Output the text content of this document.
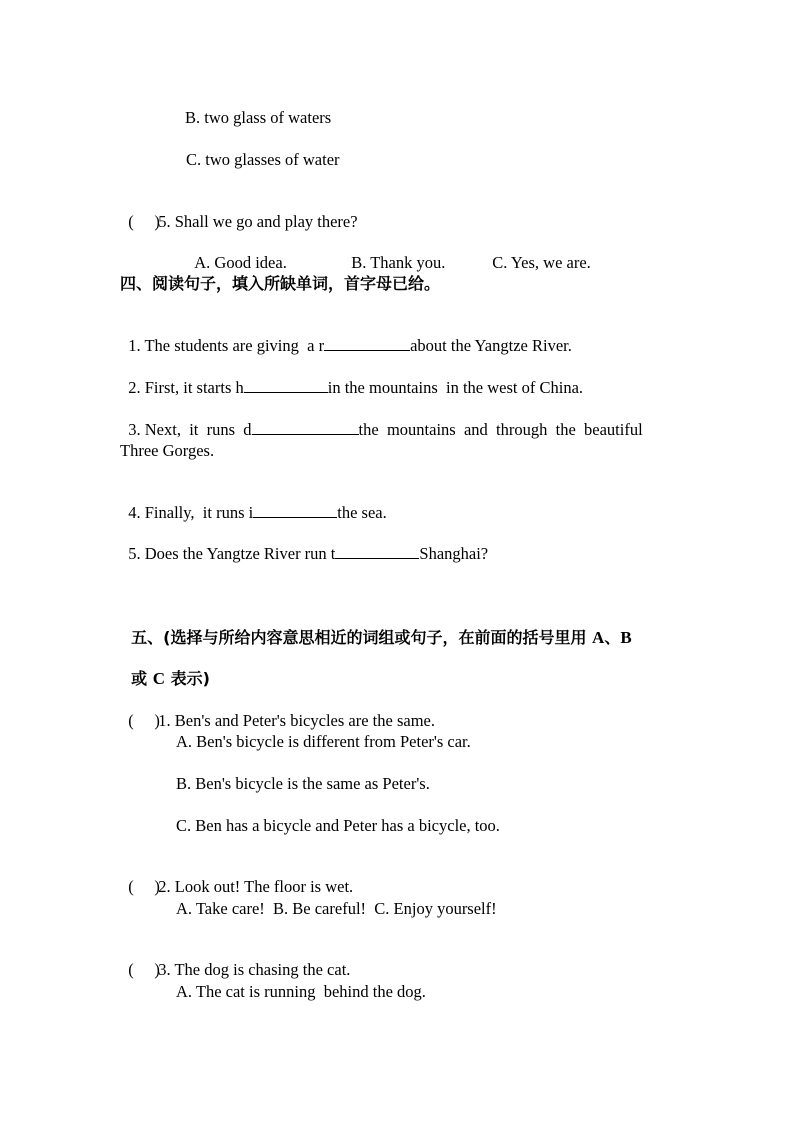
B. two glass of waters
C. two glasses of water

(     )5. Shall we go and play there?

A. Good idea.	B. Thank you.	C. Yes, we are.

四、阅读句子，填入所缺单词，首字母已给。

1. The students are giving  a r	about the Yangtze River.

2. First, it starts h	in the mountains  in the west of China.

3. Next,  it  runs  d	the  mountains  and  through  the  beautiful

Three Gorges.

4. Finally,  it runs i	the sea.

5. Does the Yangtze River run t	Shanghai?

五、(选择与所给内容意思相近的词组或句子，在前面的括号里用 A、B

或 C 表示)

(     )1. Ben's and Peter's bicycles are the same.

A. Ben's bicycle is different from Peter's car.
B. Ben's bicycle is the same as Peter's.
C. Ben has a bicycle and Peter has a bicycle, too.

(     )2. Look out! The floor is wet.

A. Take care!  B. Be careful!  C. Enjoy yourself!

(     )3. The dog is chasing the cat.

A. The cat is running  behind the dog.
